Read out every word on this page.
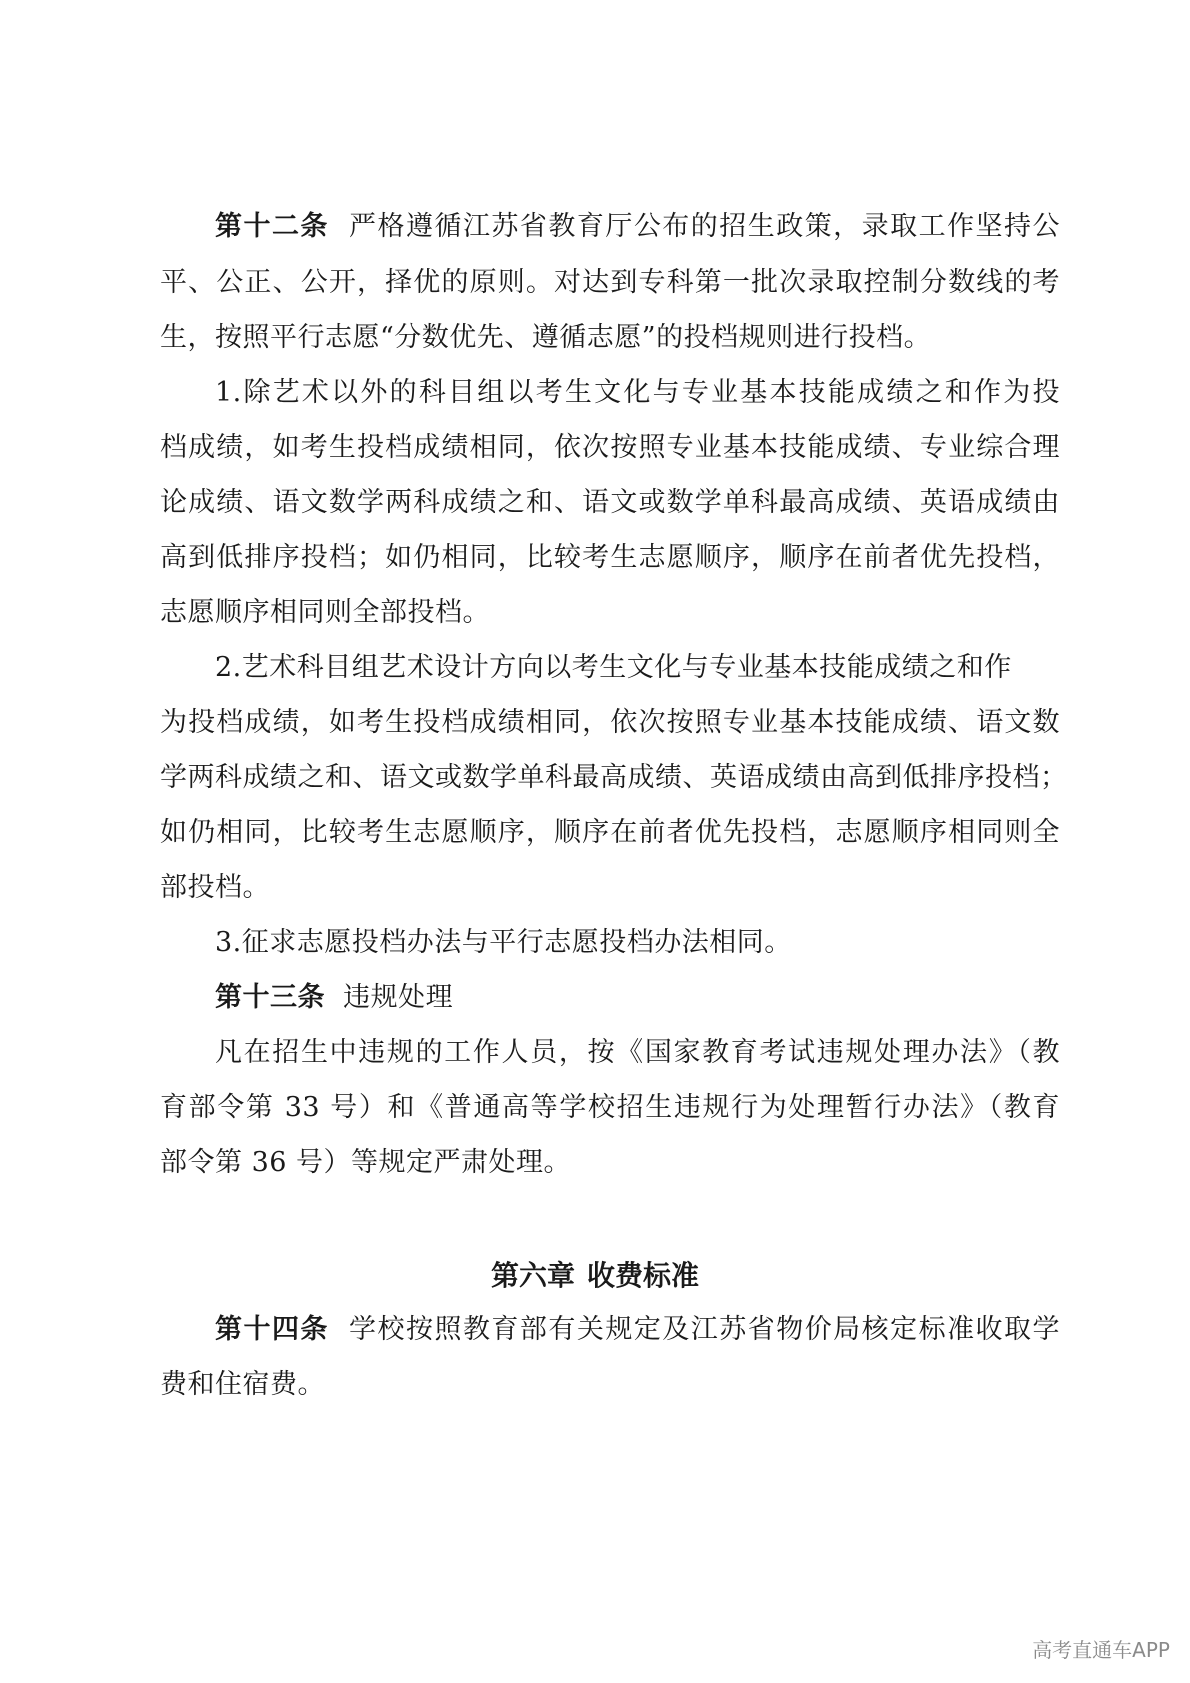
第十二条 严格遵循江苏省教育厅公布的招生政策，录取工作坚持公
平、公正、公开，择优的原则。对达到专科第一批次录取控制分数线的考
生，按照平行志愿“分数优先、遵循志愿”的投档规则进行投档。
1.除艺术以外的科目组以考生文化与专业基本技能成绩之和作为投
档成绩，如考生投档成绩相同，依次按照专业基本技能成绩、专业综合理
论成绩、语文数学两科成绩之和、语文或数学单科最高成绩、英语成绩由
高到低排序投档；如仍相同，比较考生志愿顺序，顺序在前者优先投档，
志愿顺序相同则全部投档。
2.艺术科目组艺术设计方向以考生文化与专业基本技能成绩之和作
为投档成绩，如考生投档成绩相同，依次按照专业基本技能成绩、语文数
学两科成绩之和、语文或数学单科最高成绩、英语成绩由高到低排序投档；
如仍相同，比较考生志愿顺序，顺序在前者优先投档，志愿顺序相同则全
部投档。
3.征求志愿投档办法与平行志愿投档办法相同。
第十三条 违规处理
凡在招生中违规的工作人员，按《国家教育考试违规处理办法》（教
育部令第 33 号）和《普通高等学校招生违规行为处理暂行办法》（教育
部令第 36 号）等规定严肃处理。
第六章 收费标准
第十四条 学校按照教育部有关规定及江苏省物价局核定标准收取学
费和住宿费。
高考直通车APP
